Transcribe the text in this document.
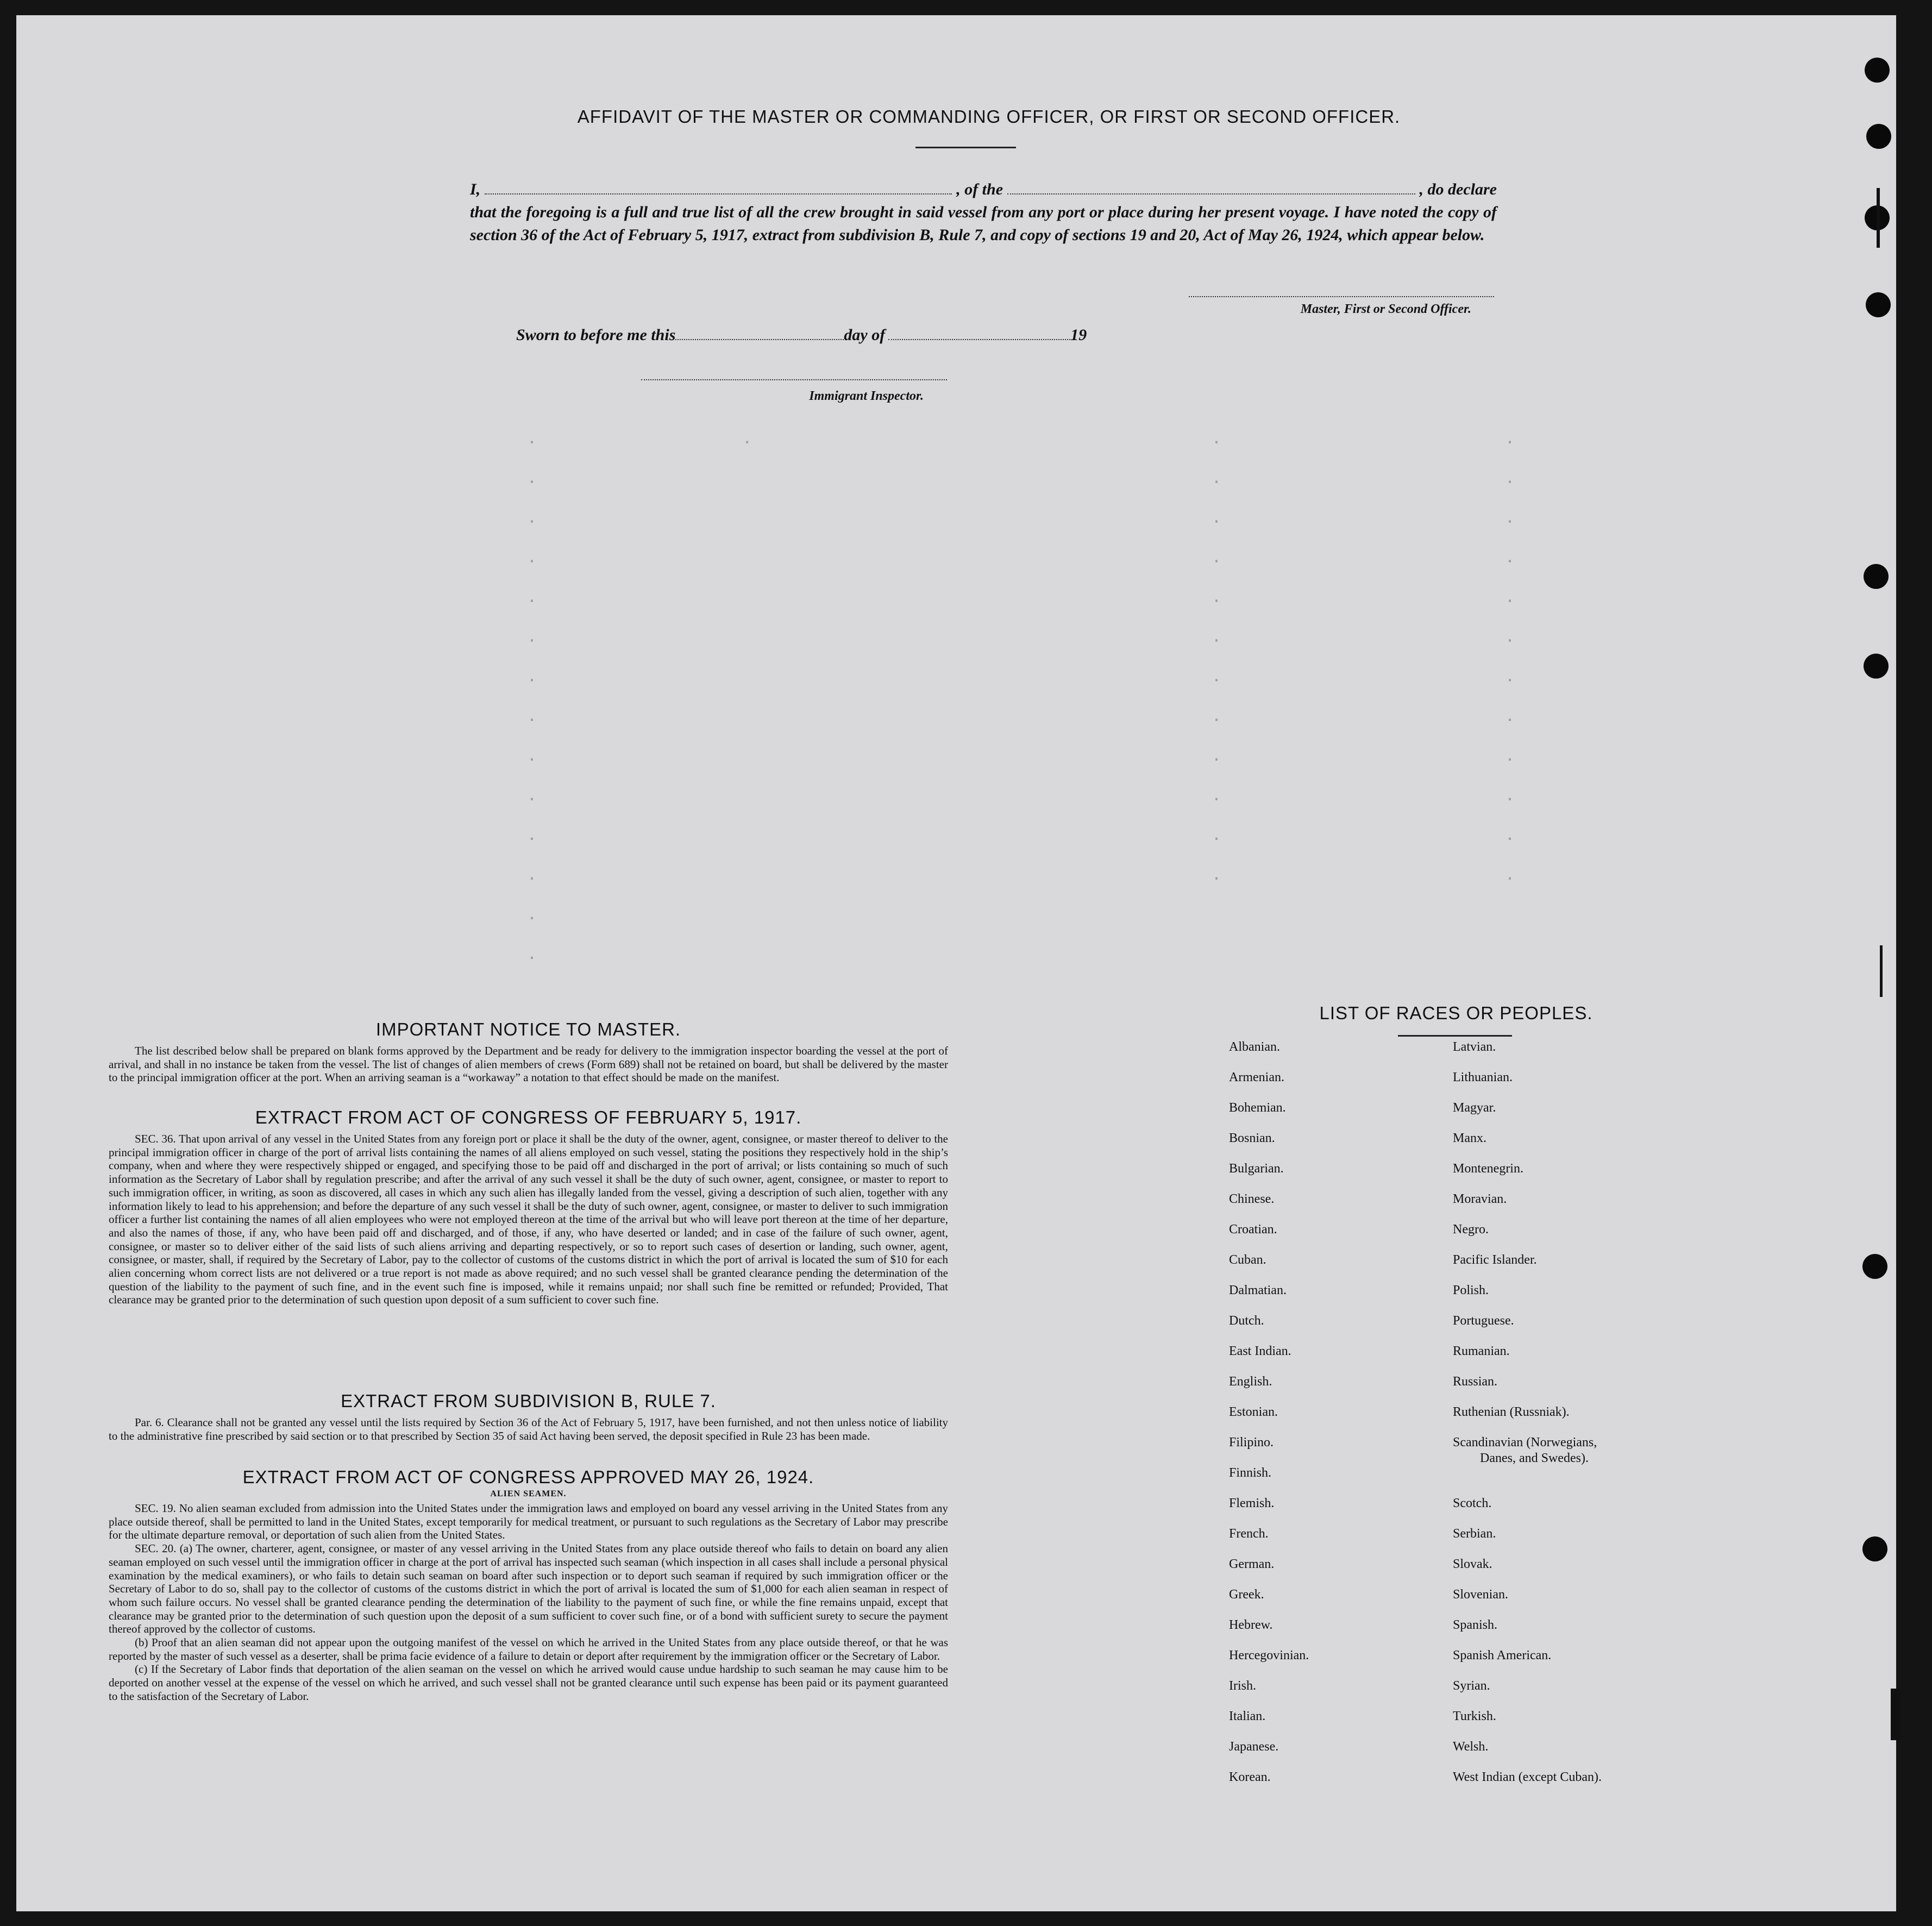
AFFIDAVIT OF THE MASTER OR COMMANDING OFFICER, OR FIRST OR SECOND OFFICER.
I,	, of the	, do declare

that the foregoing is a full and true list of all the crew brought in said vessel from any port or place during her present voyage. I have noted the copy of section 36 of the Act of February 5, 1917, extract from subdivision B, Rule 7, and copy of sections 19 and 20, Act of May 26, 1924, which appear below.

Master, First or Second Officer.
Sworn to before me this	day of	19
Immigrant Inspector.
.                     .
.
.
.
.
.
.
.
.
.
.
.
.
.
.
.
.
.
.
.
.
.
.
.
.
.
.
.
.
.
.
.
.
.
.
.
.
.
IMPORTANT NOTICE TO MASTER.

The list described below shall be prepared on blank forms approved by the Department and be ready for delivery to the immigration inspector boarding the vessel at the port of arrival, and shall in no instance be taken from the vessel. The list of changes of alien members of crews (Form 689) shall not be retained on board, but shall be delivered by the master to the principal immigration officer at the port. When an arriving seaman is a “workaway” a notation to that effect should be made on the manifest.

EXTRACT FROM ACT OF CONGRESS OF FEBRUARY 5, 1917.

SEC. 36. That upon arrival of any vessel in the United States from any foreign port or place it shall be the duty of the owner, agent, consignee, or master thereof to deliver to the principal immigration officer in charge of the port of arrival lists containing the names of all aliens employed on such vessel, stating the positions they respectively hold in the ship’s company, when and where they were respectively shipped or engaged, and specifying those to be paid off and discharged in the port of arrival; or lists containing so much of such information as the Secretary of Labor shall by regulation prescribe; and after the arrival of any such vessel it shall be the duty of such owner, agent, consignee, or master to report to such immigration officer, in writing, as soon as discovered, all cases in which any such alien has illegally landed from the vessel, giving a description of such alien, together with any information likely to lead to his apprehension; and before the departure of any such vessel it shall be the duty of such owner, agent, consignee, or master to deliver to such immigration officer a further list containing the names of all alien employees who were not employed thereon at the time of the arrival but who will leave port thereon at the time of her departure, and also the names of those, if any, who have been paid off and discharged, and of those, if any, who have deserted or landed; and in case of the failure of such owner, agent, consignee, or master so to deliver either of the said lists of such aliens arriving and departing respectively, or so to report such cases of desertion or landing, such owner, agent, consignee, or master, shall, if required by the Secretary of Labor, pay to the collector of customs of the customs district in which the port of arrival is located the sum of $10 for each alien concerning whom correct lists are not delivered or a true report is not made as above required; and no such vessel shall be granted clearance pending the determination of the question of the liability to the payment of such fine, and in the event such fine is imposed, while it remains unpaid; nor shall such fine be remitted or refunded; Provided, That clearance may be granted prior to the determination of such question upon deposit of a sum sufficient to cover such fine.

EXTRACT FROM SUBDIVISION B, RULE 7.

Par. 6. Clearance shall not be granted any vessel until the lists required by Section 36 of the Act of February 5, 1917, have been furnished, and not then unless notice of liability to the administrative fine prescribed by said section or to that prescribed by Section 35 of said Act having been served, the deposit specified in Rule 23 has been made.

EXTRACT FROM ACT OF CONGRESS APPROVED MAY 26, 1924.
ALIEN SEAMEN.

SEC. 19. No alien seaman excluded from admission into the United States under the immigration laws and employed on board any vessel arriving in the United States from any place outside thereof, shall be permitted to land in the United States, except temporarily for medical treatment, or pursuant to such regulations as the Secretary of Labor may prescribe for the ultimate departure removal, or deportation of such alien from the United States.

SEC. 20. (a) The owner, charterer, agent, consignee, or master of any vessel arriving in the United States from any place outside thereof who fails to detain on board any alien seaman employed on such vessel until the immigration officer in charge at the port of arrival has inspected such seaman (which inspection in all cases shall include a personal physical examination by the medical examiners), or who fails to detain such seaman on board after such inspection or to deport such seaman if required by such immigration officer or the Secretary of Labor to do so, shall pay to the collector of customs of the customs district in which the port of arrival is located the sum of $1,000 for each alien seaman in respect of whom such failure occurs. No vessel shall be granted clearance pending the determination of the liability to the payment of such fine, or while the fine remains unpaid, except that clearance may be granted prior to the determination of such question upon the deposit of a sum sufficient to cover such fine, or of a bond with sufficient surety to secure the payment thereof approved by the collector of customs.

(b) Proof that an alien seaman did not appear upon the outgoing manifest of the vessel on which he arrived in the United States from any place outside thereof, or that he was reported by the master of such vessel as a deserter, shall be prima facie evidence of a failure to detain or deport after requirement by the immigration officer or the Secretary of Labor.

(c) If the Secretary of Labor finds that deportation of the alien seaman on the vessel on which he arrived would cause undue hardship to such seaman he may cause him to be deported on another vessel at the expense of the vessel on which he arrived, and such vessel shall not be granted clearance until such expense has been paid or its payment guaranteed to the satisfaction of the Secretary of Labor.

LIST OF RACES OR PEOPLES.
Albanian.
Armenian.
Bohemian.
Bosnian.
Bulgarian.
Chinese.
Croatian.
Cuban.
Dalmatian.
Dutch.
East Indian.
English.
Estonian.
Filipino.
Finnish.
Flemish.
French.
German.
Greek.
Hebrew.
Hercegovinian.
Irish.
Italian.
Japanese.
Korean.
Latvian.
Lithuanian.
Magyar.
Manx.
Montenegrin.
Moravian.
Negro.
Pacific Islander.
Polish.
Portuguese.
Rumanian.
Russian.
Ruthenian (Russniak).
Scandinavian (Norwegians,
Danes, and Swedes).
Scotch.
Serbian.
Slovak.
Slovenian.
Spanish.
Spanish American.
Syrian.
Turkish.
Welsh.
West Indian (except Cuban).
